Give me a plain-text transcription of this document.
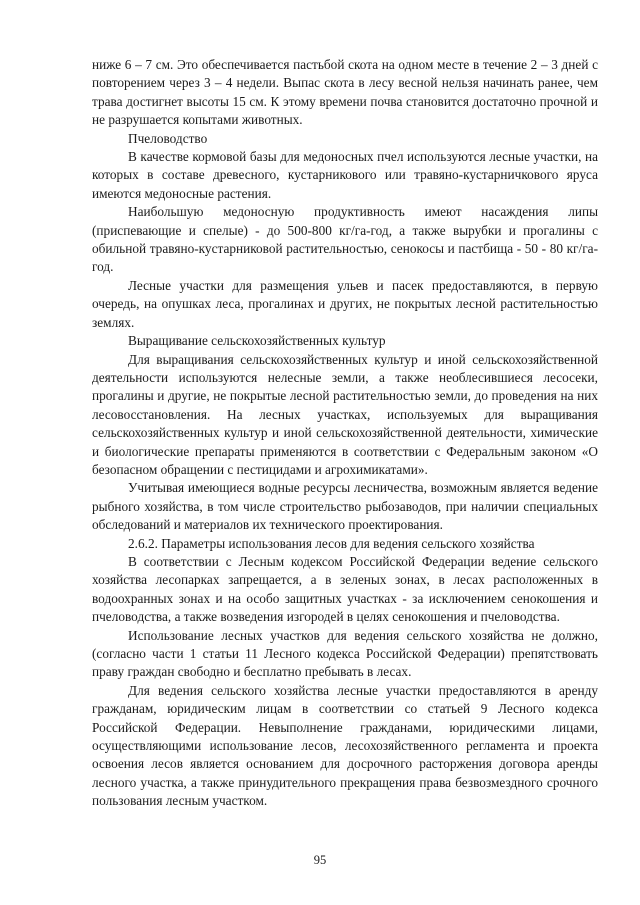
ниже 6 – 7 см. Это обеспечивается пастьбой скота на одном месте в течение 2 – 3 дней с повторением через 3 – 4 недели. Выпас скота в лесу весной нельзя начинать ранее, чем трава достигнет высоты 15 см. К этому времени почва становится достаточно прочной и не разрушается копытами животных.

Пчеловодство

В качестве кормовой базы для медоносных пчел используются лесные участки, на которых в составе древесного, кустарникового или травяно-кустарничкового яруса имеются медоносные растения.

Наибольшую медоносную продуктивность имеют насаждения липы (приспевающие и спелые) - до 500-800 кг/га-год, а также вырубки и прогалины с обильной травяно-кустарниковой растительностью, сенокосы и пастбища - 50 - 80 кг/га-год.

Лесные участки для размещения ульев и пасек предоставляются, в первую очередь, на опушках леса, прогалинах и других, не покрытых лесной растительностью землях.

Выращивание сельскохозяйственных культур

Для выращивания сельскохозяйственных культур и иной сельскохозяйственной деятельности используются нелесные земли, а также необлесившиеся лесосеки, прогалины и другие, не покрытые лесной растительностью земли, до проведения на них лесовосстановления. На лесных участках, используемых для выращивания сельскохозяйственных культур и иной сельскохозяйственной деятельности, химические и биологические препараты применяются в соответствии с Федеральным законом «О безопасном обращении с пестицидами и агрохимикатами».

Учитывая имеющиеся водные ресурсы лесничества, возможным является ведение рыбного хозяйства, в том числе строительство рыбозаводов, при наличии специальных обследований и материалов их технического проектирования.

2.6.2. Параметры использования лесов для ведения сельского хозяйства

В соответствии с Лесным кодексом Российской Федерации ведение сельского хозяйства лесопарках запрещается, а в зеленых зонах, в лесах расположенных в водоохранных зонах и на особо защитных участках - за исключением сенокошения и пчеловодства, а также возведения изгородей в целях сенокошения и пчеловодства.

Использование лесных участков для ведения сельского хозяйства не должно, (согласно части 1 статьи 11 Лесного кодекса Российской Федерации) препятствовать праву граждан свободно и бесплатно пребывать в лесах.

Для ведения сельского хозяйства лесные участки предоставляются в аренду гражданам, юридическим лицам в соответствии со статьей 9 Лесного кодекса Российской Федерации. Невыполнение гражданами, юридическими лицами, осуществляющими использование лесов, лесохозяйственного регламента и проекта освоения лесов является основанием для досрочного расторжения договора аренды лесного участка, а также принудительного прекращения права безвозмездного срочного пользования лесным участком.

95
